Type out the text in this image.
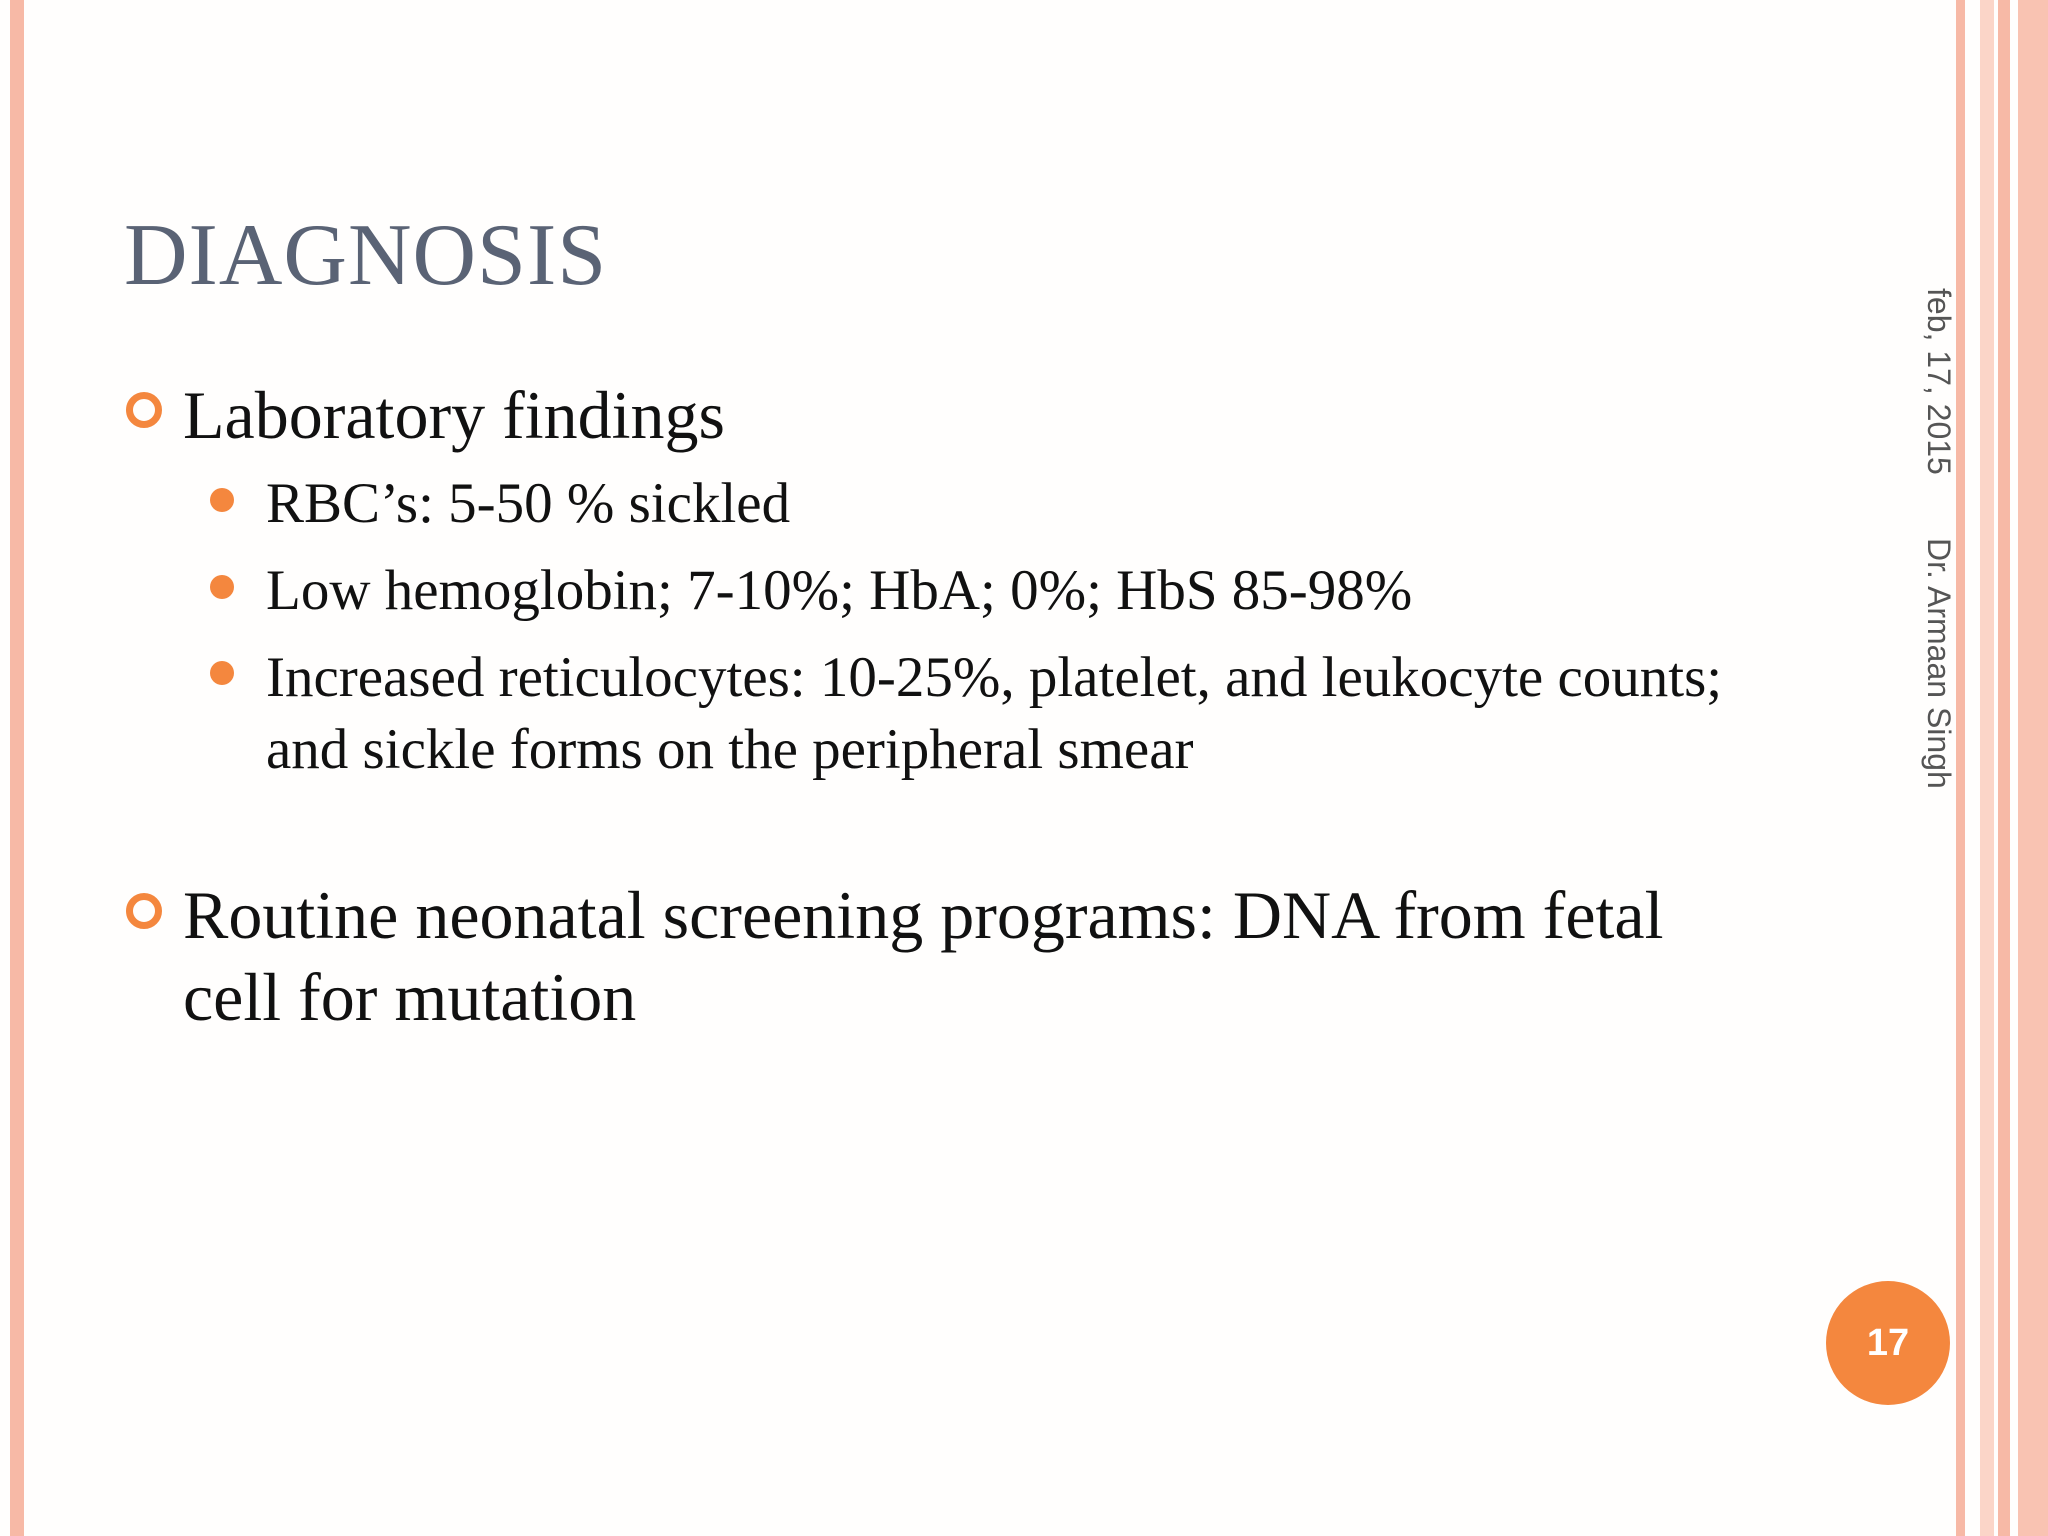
DIAGNOSIS
Laboratory findings
RBC’s: 5-50 % sickled
Low hemoglobin; 7-10%; HbA; 0%; HbS 85-98%
Increased reticulocytes: 10-25%, platelet, and leukocyte counts; and sickle forms on the peripheral smear
Routine neonatal screening programs: DNA from fetal cell for mutation
feb, 17, 2015
Dr. Armaan Singh
17
